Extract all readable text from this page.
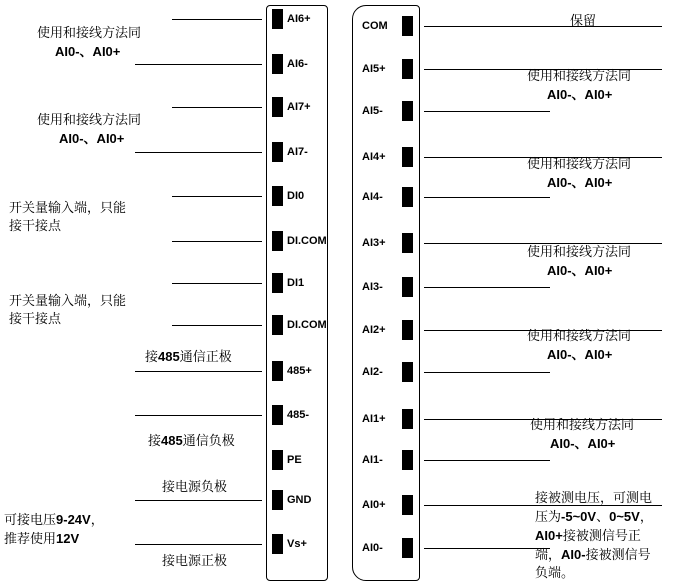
使用和接线方法同
AI0-、AI0+
使用和接线方法同
AI0-、AI0+
开关量输入端，只能
接干接点
开关量输入端，只能
接干接点
接485通信正极
接485通信负极
接电源负极
可接电压9-24V，
推荐使用12V
接电源正极
保留
使用和接线方法同
AI0-、AI0+
使用和接线方法同
AI0-、AI0+
使用和接线方法同
AI0-、AI0+
使用和接线方法同
AI0-、AI0+
使用和接线方法同
AI0-、AI0+
接被测电压，可测电
压为-5~0V、0~5V，
AI0+接被测信号正
端，AI0-接被测信号
负端。
AI6+
AI6-
AI7+
AI7-
DI0
DI.COM
DI1
DI.COM
485+
485-
PE
GND
Vs+
COM
AI5+
AI5-
AI4+
AI4-
AI3+
AI3-
AI2+
AI2-
AI1+
AI1-
AI0+
AI0-
